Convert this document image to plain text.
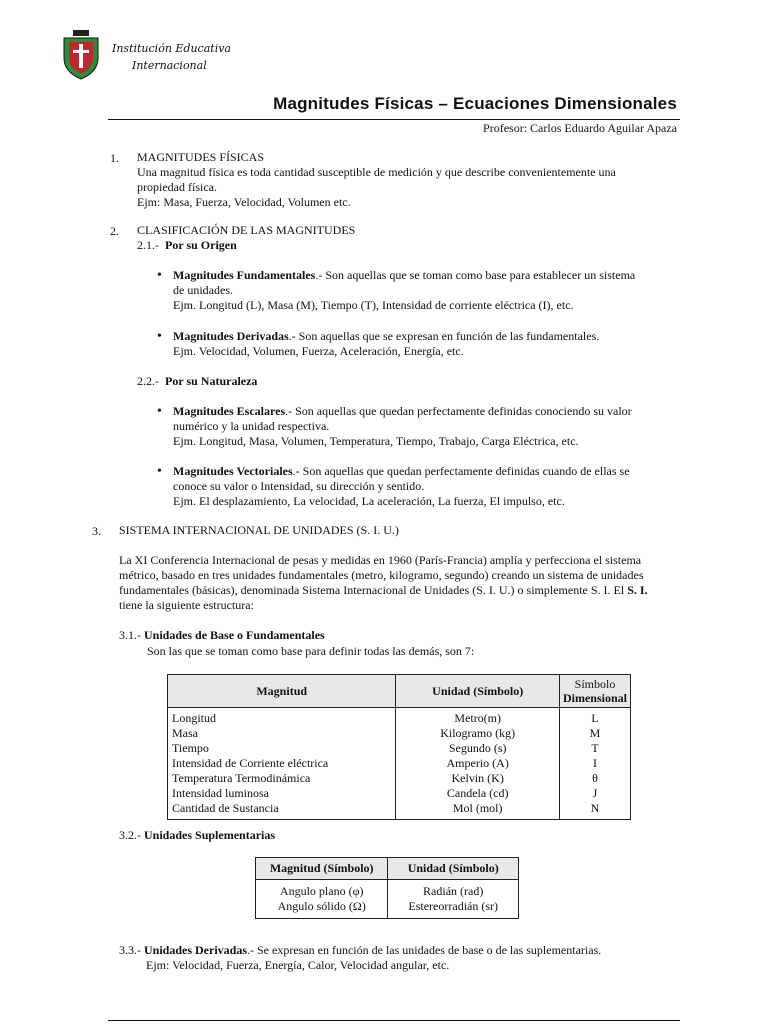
Institución Educativa
Internacional
Magnitudes Físicas – Ecuaciones Dimensionales
Profesor: Carlos Eduardo Aguilar Apaza
1. MAGNITUDES FÍSICAS
Una magnitud física es toda cantidad susceptible de medición y que describe convenientemente una
propiedad física.
Ejm: Masa, Fuerza, Velocidad, Volumen etc.
2. CLASIFICACIÓN DE LAS MAGNITUDES
2.1.- Por su Origen
• Magnitudes Fundamentales.- Son aquellas que se toman como base para establecer un sistema
de unidades.
Ejm. Longitud (L), Masa (M), Tiempo (T), Intensidad de corriente eléctrica (I), etc.
• Magnitudes Derivadas.- Son aquellas que se expresan en función de las fundamentales.
Ejm. Velocidad, Volumen, Fuerza, Aceleración, Energía, etc.
2.2.- Por su Naturaleza
• Magnitudes Escalares.- Son aquellas que quedan perfectamente definidas conociendo su valor
numérico y la unidad respectiva.
Ejm. Longitud, Masa, Volumen, Temperatura, Tiempo, Trabajo, Carga Eléctrica, etc.
• Magnitudes Vectoriales.- Son aquellas que quedan perfectamente definidas cuando de ellas se
conoce su valor o Intensidad, su dirección y sentido.
Ejm. El desplazamiento, La velocidad, La aceleración, La fuerza, El impulso, etc.
3. SISTEMA INTERNACIONAL DE UNIDADES (S. I. U.)
La XI Conferencia Internacional de pesas y medidas en 1960 (París-Francia) amplía y perfecciona el sistema
métrico, basado en tres unidades fundamentales (metro, kilogramo, segundo) creando un sistema de unidades
fundamentales (básicas), denominada Sistema Internacional de Unidades (S. I. U.) o simplemente S. I. El S. I.
tiene la siguiente estructura:
3.1.- Unidades de Base o Fundamentales
Son las que se toman como base para definir todas las demás, son 7:
Magnitud	Unidad (Símbolo)	Símbolo
Dimensional

Longitud	Metro(m)	L
Masa	Kilogramo (kg)	M
Tiempo	Segundo (s)	T
Intensidad de Corriente eléctrica	Amperio (A)	I
Temperatura Termodinámica	Kelvin (K)	θ
Intensidad luminosa	Candela (cd)	J
Cantidad de Sustancia	Mol (mol)	N
3.2.- Unidades Suplementarias
Magnitud (Símbolo)	Unidad (Símbolo)
Angulo plano (φ)	Radián (rad)
Angulo sólido (Ω)	Estereorradián (sr)
3.3.- Unidades Derivadas.- Se expresan en función de las unidades de base o de las suplementarias.
Ejm: Velocidad, Fuerza, Energía, Calor, Velocidad angular, etc.
